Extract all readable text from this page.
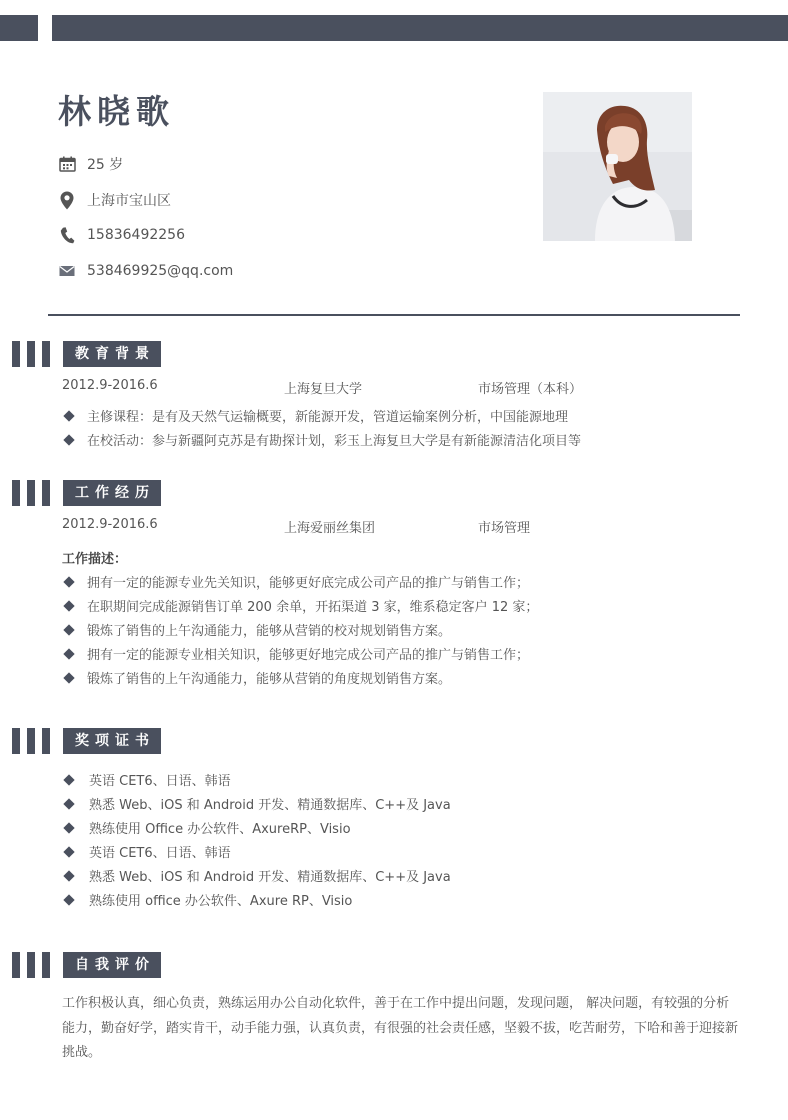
林晓歌
25 岁
上海市宝山区
15836492256
538469925@qq.com
教育背景
2012.9-2016.6	上海复旦大学	市场管理（本科）
主修课程：是有及天然气运输概要，新能源开发，管道运输案例分析，中国能源地理
在校活动：参与新疆阿克苏是有勘探计划，彩玉上海复旦大学是有新能源清洁化项目等
工作经历
2012.9-2016.6	上海爱丽丝集团	市场管理
工作描述：
拥有一定的能源专业先关知识，能够更好底完成公司产品的推广与销售工作；
在职期间完成能源销售订单 200 余单，开拓渠道 3 家，维系稳定客户 12 家；
锻炼了销售的上午沟通能力，能够从营销的校对规划销售方案。
拥有一定的能源专业相关知识，能够更好地完成公司产品的推广与销售工作；
锻炼了销售的上午沟通能力，能够从营销的角度规划销售方案。
奖项证书
英语 CET6、日语、韩语
熟悉 Web、iOS 和 Android 开发、精通数据库、C++及 Java
熟练使用 Office 办公软件、AxureRP、Visio
英语 CET6、日语、韩语
熟悉 Web、iOS 和 Android 开发、精通数据库、C++及 Java
熟练使用 office 办公软件、Axure RP、Visio
自我评价
工作积极认真，细心负责，熟练运用办公自动化软件，善于在工作中提出问题，发现问题， 解决问题，有较强的分析能力，勤奋好学，踏实肯干，动手能力强，认真负责，有很强的社会责任感，坚毅不拔，吃苦耐劳，下哈和善于迎接新挑战。
